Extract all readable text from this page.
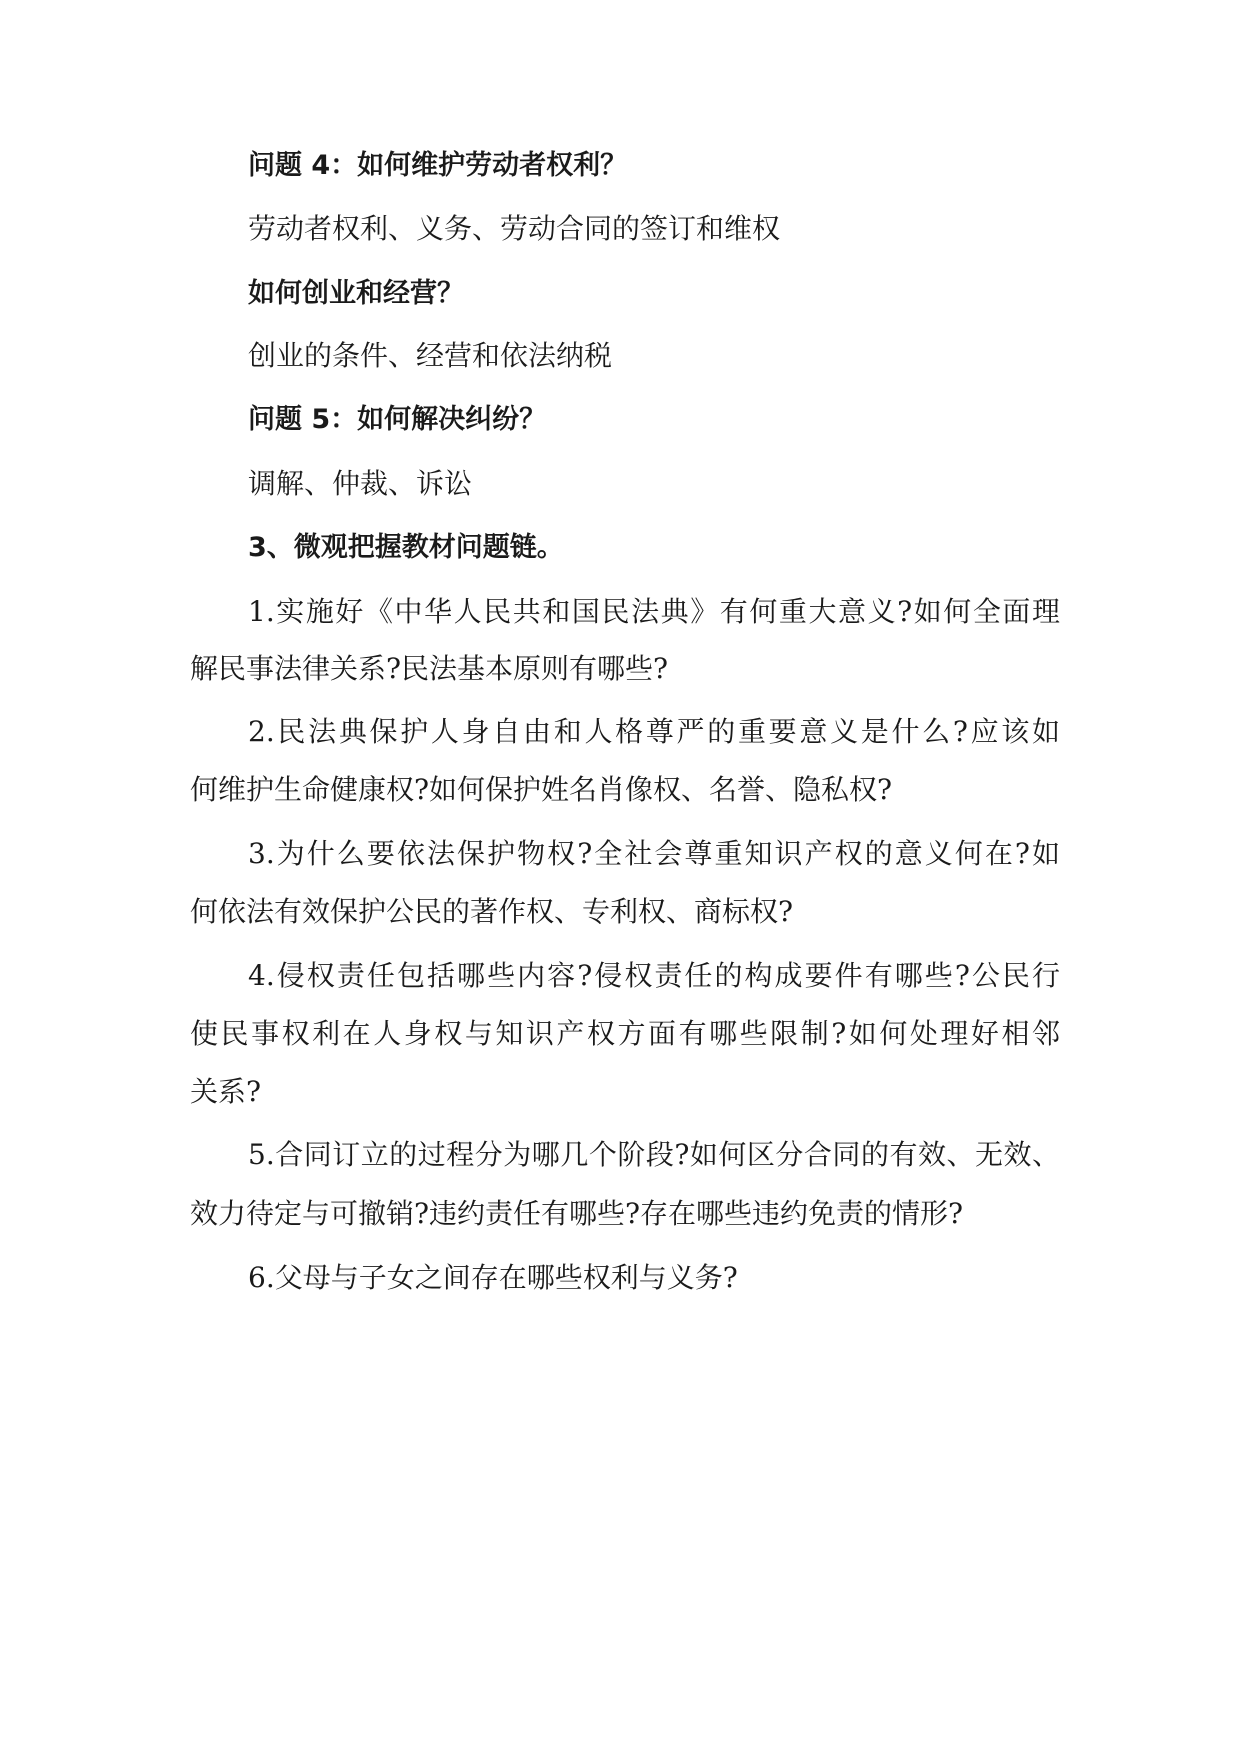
问题 4：如何维护劳动者权利？
劳动者权利、义务、劳动合同的签订和维权
如何创业和经营？
创业的条件、经营和依法纳税
问题 5：如何解决纠纷？
调解、仲裁、诉讼
3、微观把握教材问题链。
1.实施好《中华人民共和国民法典》有何重大意义?如何全面理
解民事法律关系?民法基本原则有哪些?
2.民法典保护人身自由和人格尊严的重要意义是什么?应该如
何维护生命健康权?如何保护姓名肖像权、名誉、隐私权?
3.为什么要依法保护物权?全社会尊重知识产权的意义何在?如
何依法有效保护公民的著作权、专利权、商标权?
4.侵权责任包括哪些内容?侵权责任的构成要件有哪些?公民行
使民事权利在人身权与知识产权方面有哪些限制?如何处理好相邻
关系?
5.合同订立的过程分为哪几个阶段?如何区分合同的有效、无效、
效力待定与可撤销?违约责任有哪些?存在哪些违约免责的情形?
6.父母与子女之间存在哪些权利与义务?
